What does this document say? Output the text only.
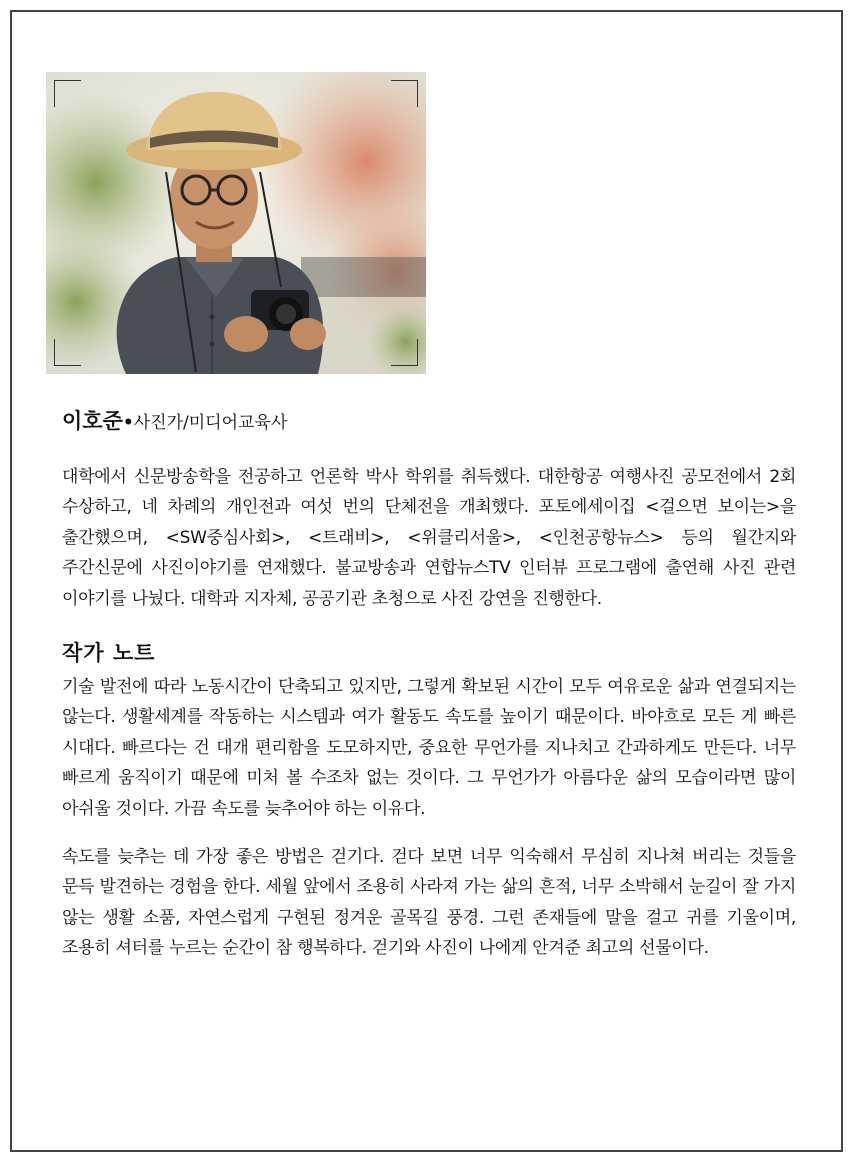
이호준•사진가/미디어교육사

대학에서 신문방송학을 전공하고 언론학 박사 학위를 취득했다. 대한항공 여행사진 공모전에서 2회 수상하고, 네 차례의 개인전과 여섯 번의 단체전을 개최했다. 포토에세이집 <걸으면 보이는>을 출간했으며, <SW중심사회>, <트래비>, <위클리서울>, <인천공항뉴스> 등의 월간지와 주간신문에 사진이야기를 연재했다. 불교방송과 연합뉴스TV 인터뷰 프로그램에 출연해 사진 관련 이야기를 나눴다. 대학과 지자체, 공공기관 초청으로 사진 강연을 진행한다.

작가 노트

기술 발전에 따라 노동시간이 단축되고 있지만, 그렇게 확보된 시간이 모두 여유로운 삶과 연결되지는 않는다. 생활세계를 작동하는 시스템과 여가 활동도 속도를 높이기 때문이다. 바야흐로 모든 게 빠른 시대다. 빠르다는 건 대개 편리함을 도모하지만, 중요한 무언가를 지나치고 간과하게도 만든다. 너무 빠르게 움직이기 때문에 미처 볼 수조차 없는 것이다. 그 무언가가 아름다운 삶의 모습이라면 많이 아쉬울 것이다. 가끔 속도를 늦추어야 하는 이유다.

속도를 늦추는 데 가장 좋은 방법은 걷기다. 걷다 보면 너무 익숙해서 무심히 지나쳐 버리는 것들을 문득 발견하는 경험을 한다. 세월 앞에서 조용히 사라져 가는 삶의 흔적, 너무 소박해서 눈길이 잘 가지 않는 생활 소품, 자연스럽게 구현된 정겨운 골목길 풍경. 그런 존재들에 말을 걸고 귀를 기울이며, 조용히 셔터를 누르는 순간이 참 행복하다. 걷기와 사진이 나에게 안겨준 최고의 선물이다.
